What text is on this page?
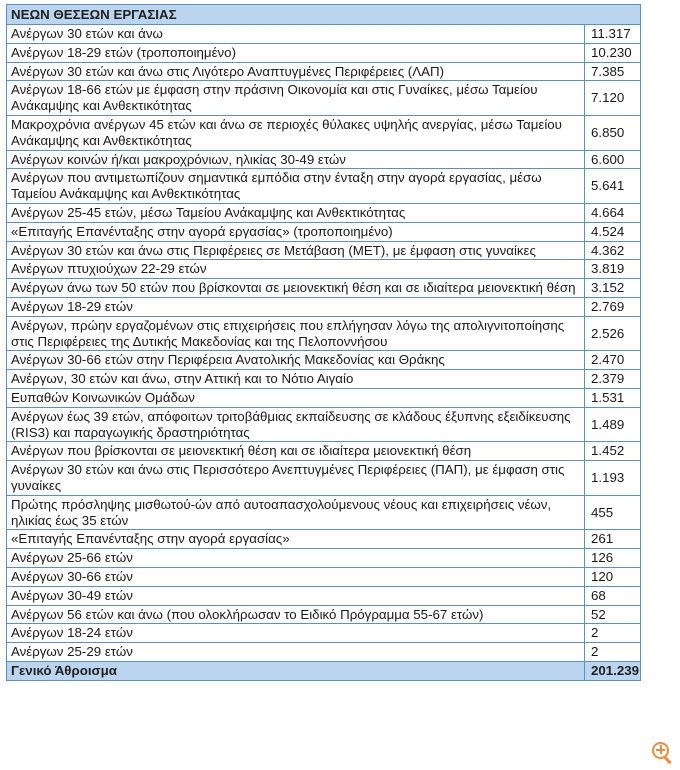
ΝΕΩΝ ΘΕΣΕΩΝ ΕΡΓΑΣΙΑΣ	
Ανέργων 30 ετών και άνω	11.317
Ανέργων 18-29 ετών (τροποποιημένο)	10.230
Ανέργων 30 ετών και άνω στις Λιγότερο Αναπτυγμένες Περιφέρειες (ΛΑΠ)	7.385
Ανέργων 18-66 ετών με έμφαση στην πράσινη Οικονομία και στις Γυναίκες, μέσω Ταμείου Ανάκαμψης και Ανθεκτικότητας	7.120
Μακροχρόνια ανέργων 45 ετών και άνω σε περιοχές θύλακες υψηλής ανεργίας, μέσω Ταμείου Ανάκαμψης και Ανθεκτικότητας	6.850
Ανέργων κοινών ή/και μακροχρόνιων, ηλικίας 30-49 ετών	6.600
Ανέργων που αντιμετωπίζουν σημαντικά εμπόδια στην ένταξη στην αγορά εργασίας, μέσω Ταμείου Ανάκαμψης και Ανθεκτικότητας	5.641
Ανέργων 25-45 ετών, μέσω Ταμείου Ανάκαμψης και Ανθεκτικότητας	4.664
«Επιταγής Επανένταξης στην αγορά εργασίας» (τροποποιημένο)	4.524
Ανέργων 30 ετών και άνω στις Περιφέρειες σε Μετάβαση (ΜΕΤ), με έμφαση στις γυναίκες	4.362
Ανέργων πτυχιούχων 22-29 ετών	3.819
Ανέργων άνω των 50 ετών που βρίσκονται σε μειονεκτική θέση και σε ιδιαίτερα μειονεκτική θέση	3.152
Ανέργων 18-29 ετών	2.769
Ανέργων, πρώην εργαζομένων στις επιχειρήσεις που επλήγησαν λόγω της απολιγνιτοποίησης στις Περιφέρειες της Δυτικής Μακεδονίας και της Πελοποννήσου	2.526
Ανέργων 30-66 ετών στην Περιφέρεια Ανατολικής Μακεδονίας και Θράκης	2.470
Ανέργων, 30 ετών και άνω, στην Αττική και το Νότιο Αιγαίο	2.379
Ευπαθών Κοινωνικών Ομάδων	1.531
Ανέργων έως 39 ετών, απόφοιτων τριτοβάθμιας εκπαίδευσης σε κλάδους έξυπνης εξειδίκευσης (RIS3) και παραγωγικής δραστηριότητας	1.489
Ανέργων που βρίσκονται σε μειονεκτική θέση και σε ιδιαίτερα μειονεκτική θέση	1.452
Ανέργων 30 ετών και άνω στις Περισσότερο Ανεπτυγμένες Περιφέρειες (ΠΑΠ), με έμφαση στις γυναίκες	1.193
Πρώτης πρόσληψης μισθωτού-ών από αυτοαπασχολούμενους νέους και επιχειρήσεις νέων, ηλικίας έως 35 ετών	455
«Επιταγής Επανένταξης στην αγορά εργασίας»	261
Ανέργων 25-66 ετών	126
Ανέργων 30-66 ετών	120
Ανέργων 30-49 ετών	68
Ανέργων 56 ετών και άνω (που ολοκλήρωσαν το Ειδικό Πρόγραμμα 55-67 ετών)	52
Ανέργων 18-24 ετών	2
Ανέργων 25-29 ετών	2
Γενικό Άθροισμα	201.239
